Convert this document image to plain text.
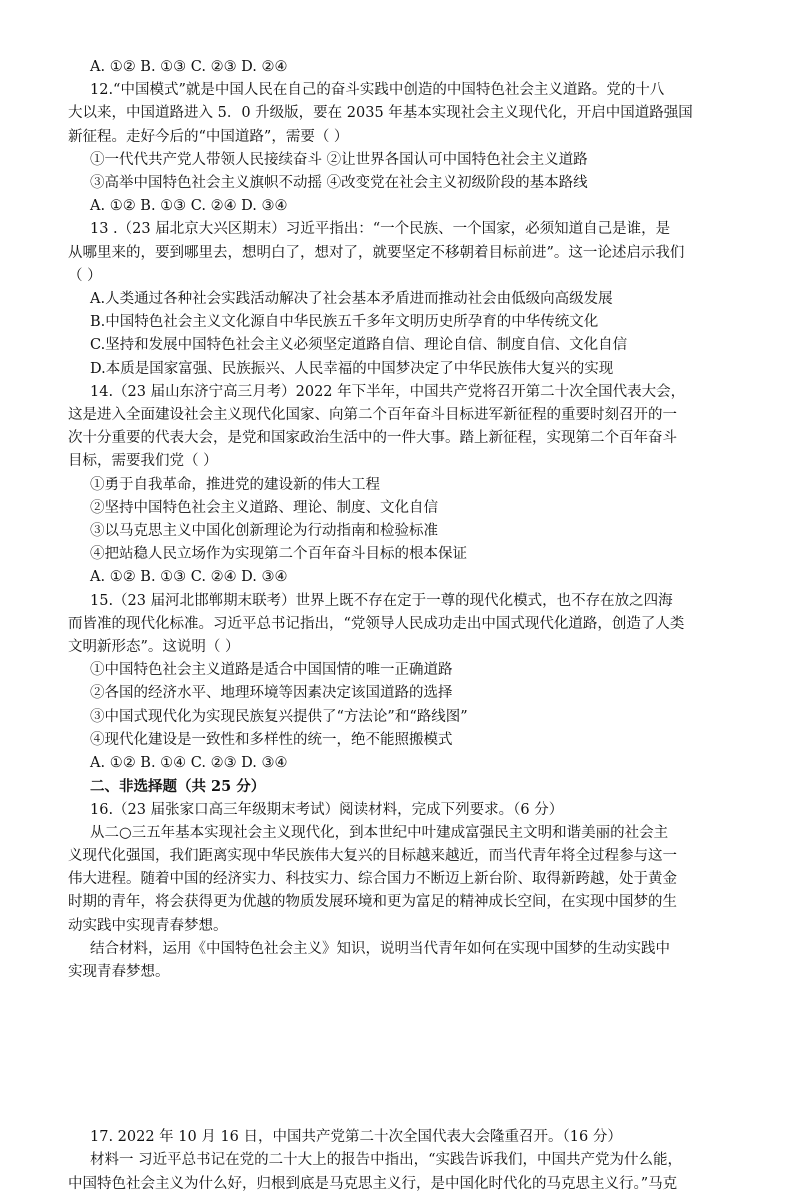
A. ①② B. ①③ C. ②③ D. ②④
12.“中国模式”就是中国人民在自己的奋斗实践中创造的中国特色社会主义道路。党的十八
大以来，中国道路进入 5．0 升级版，要在 2035 年基本实现社会主义现代化，开启中国道路强国
新征程。走好今后的“中国道路”，需要（ ）
①一代代共产党人带领人民接续奋斗 ②让世界各国认可中国特色社会主义道路
③高举中国特色社会主义旗帜不动摇 ④改变党在社会主义初级阶段的基本路线
A. ①② B. ①③ C. ②④ D. ③④
13 .（23 届北京大兴区期末）习近平指出：“一个民族、一个国家，必须知道自己是谁，是
从哪里来的，要到哪里去，想明白了，想对了，就要坚定不移朝着目标前进”。这一论述启示我们
（ ）
A.人类通过各种社会实践活动解决了社会基本矛盾进而推动社会由低级向高级发展
B.中国特色社会主义文化源自中华民族五千多年文明历史所孕育的中华传统文化
C.坚持和发展中国特色社会主义必须坚定道路自信、理论自信、制度自信、文化自信
D.本质是国家富强、民族振兴、人民幸福的中国梦决定了中华民族伟大复兴的实现
14.（23 届山东济宁高三月考）2022 年下半年，中国共产党将召开第二十次全国代表大会，
这是进入全面建设社会主义现代化国家、向第二个百年奋斗目标进军新征程的重要时刻召开的一
次十分重要的代表大会，是党和国家政治生活中的一件大事。踏上新征程，实现第二个百年奋斗
目标，需要我们党（ ）
①勇于自我革命，推进党的建设新的伟大工程
②坚持中国特色社会主义道路、理论、制度、文化自信
③以马克思主义中国化创新理论为行动指南和检验标准
④把站稳人民立场作为实现第二个百年奋斗目标的根本保证
A. ①② B. ①③ C. ②④ D. ③④
15.（23 届河北邯郸期末联考）世界上既不存在定于一尊的现代化模式，也不存在放之四海
而皆准的现代化标准。习近平总书记指出，“党领导人民成功走出中国式现代化道路，创造了人类
文明新形态”。这说明（ ）
①中国特色社会主义道路是适合中国国情的唯一正确道路
②各国的经济水平、地理环境等因素决定该国道路的选择
③中国式现代化为实现民族复兴提供了“方法论”和“路线图”
④现代化建设是一致性和多样性的统一，绝不能照搬模式
A. ①② B. ①④ C. ②③ D. ③④
二、非选择题（共 25 分）
16.（23 届张家口高三年级期末考试）阅读材料，完成下列要求。（6 分）
从二○三五年基本实现社会主义现代化，到本世纪中叶建成富强民主文明和谐美丽的社会主
义现代化强国，我们距离实现中华民族伟大复兴的目标越来越近，而当代青年将全过程参与这一
伟大进程。随着中国的经济实力、科技实力、综合国力不断迈上新台阶、取得新跨越，处于黄金
时期的青年，将会获得更为优越的物质发展环境和更为富足的精神成长空间，在实现中国梦的生
动实践中实现青春梦想。
结合材料，运用《中国特色社会主义》知识，说明当代青年如何在实现中国梦的生动实践中
实现青春梦想。
17. 2022 年 10 月 16 日，中国共产党第二十次全国代表大会隆重召开。（16 分）
材料一 习近平总书记在党的二十大上的报告中指出，“实践告诉我们，中国共产党为什么能，
中国特色社会主义为什么好，归根到底是马克思主义行，是中国化时代化的马克思主义行。”马克
